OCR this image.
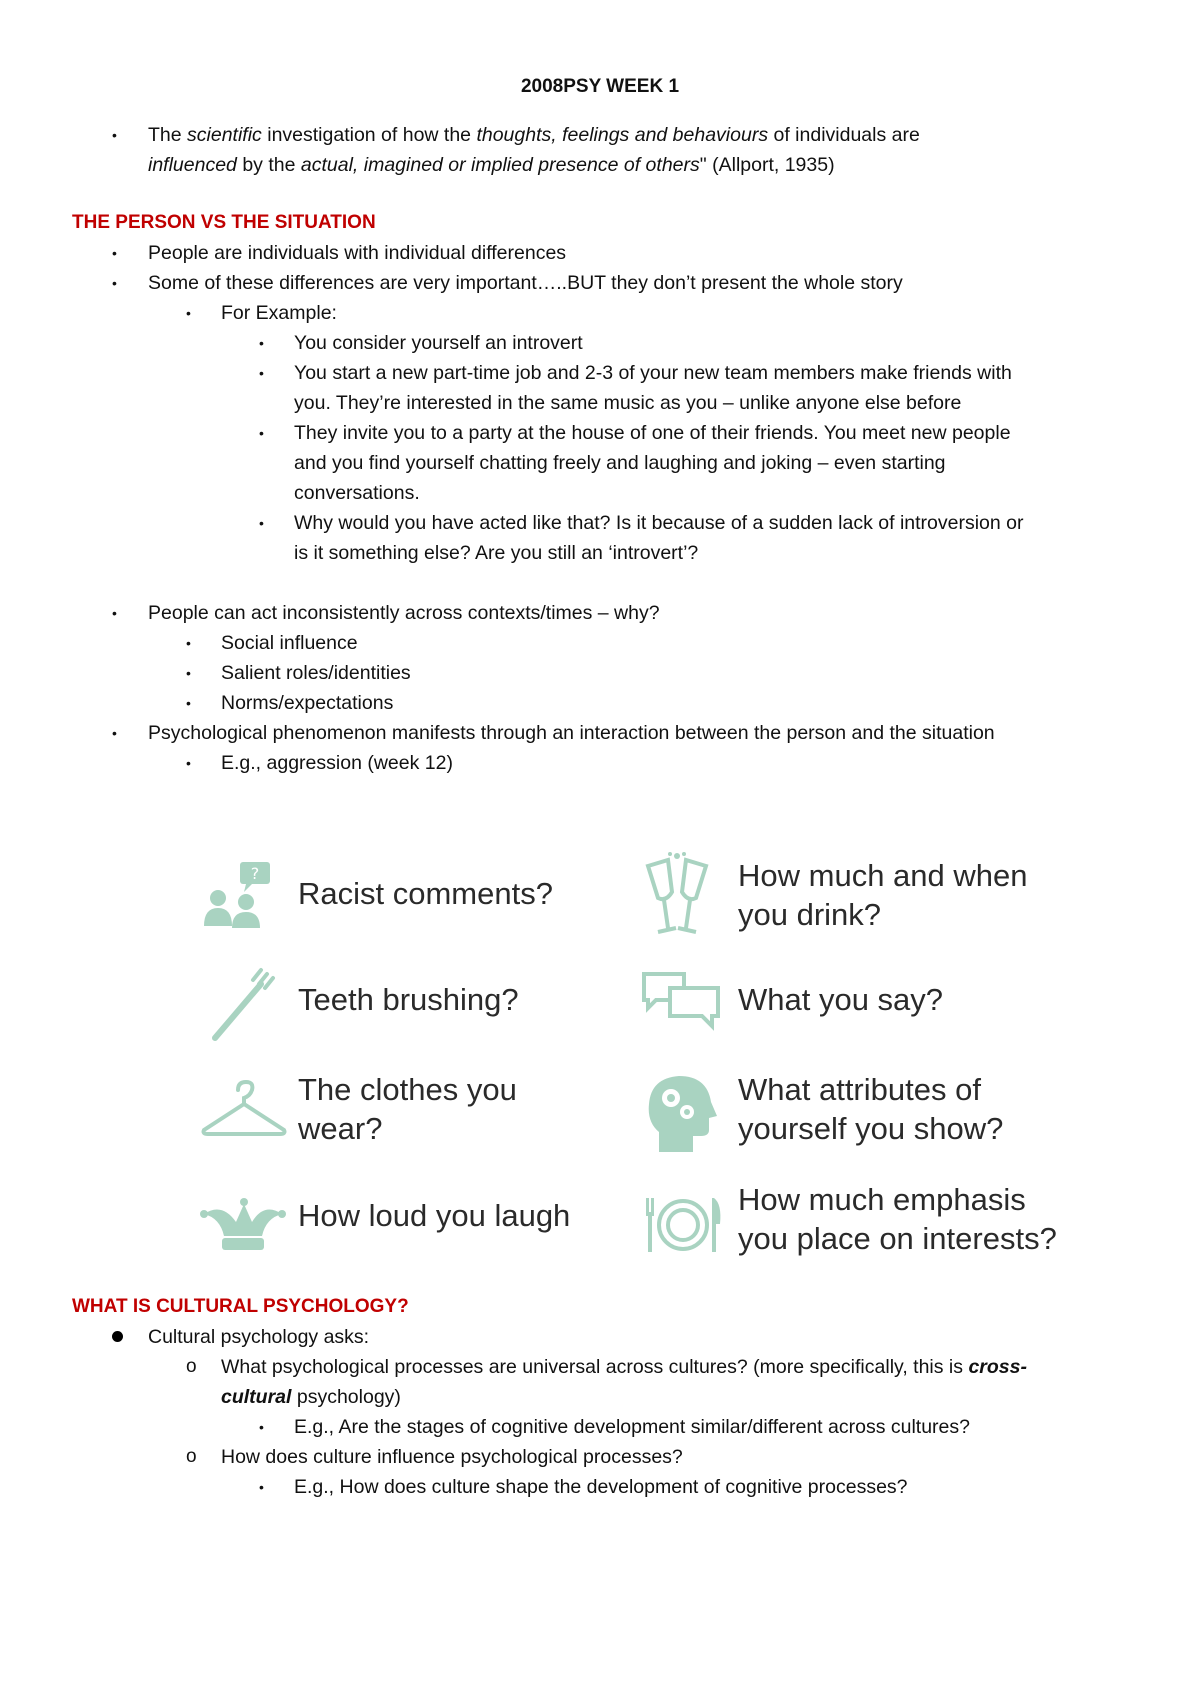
2008PSY WEEK 1
• The scientific investigation of how the thoughts, feelings and behaviours of individuals are
influenced by the actual, imagined or implied presence of others" (Allport, 1935)
THE PERSON VS THE SITUATION
• People are individuals with individual differences
• Some of these differences are very important…..BUT they don’t present the whole story
• For Example:
• You consider yourself an introvert
• You start a new part-time job and 2-3 of your new team members make friends with
you. They’re interested in the same music as you – unlike anyone else before
• They invite you to a party at the house of one of their friends. You meet new people
and you find yourself chatting freely and laughing and joking – even starting
conversations.
• Why would you have acted like that? Is it because of a sudden lack of introversion or
is it something else? Are you still an ‘introvert’?
• People can act inconsistently across contexts/times – why?
• Social influence
• Salient roles/identities
• Norms/expectations
• Psychological phenomenon manifests through an interaction between the person and the situation
• E.g., aggression (week 12)
?
Racist comments?
How much and when
you drink?
Teeth brushing?	What you say?
The clothes you
wear?
What attributes of
yourself you show?
How loud you laugh	How much emphasis
you place on interests?
WHAT IS CULTURAL PSYCHOLOGY?
Cultural psychology asks:
o What psychological processes are universal across cultures? (more specifically, this is cross-
cultural psychology)
• E.g., Are the stages of cognitive development similar/different across cultures?
o How does culture influence psychological processes?
• E.g., How does culture shape the development of cognitive processes?
